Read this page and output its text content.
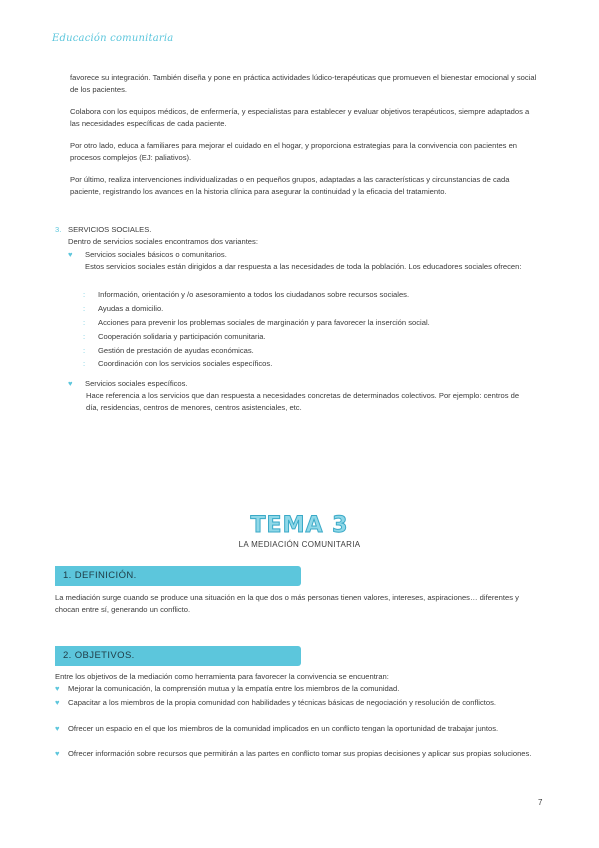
Educación comunitaria
favorece su integración. También diseña y pone en práctica actividades lúdico-terapéuticas que promueven el bienestar emocional y social de los pacientes.
Colabora con los equipos médicos, de enfermería, y especialistas para establecer y evaluar objetivos terapéuticos, siempre adaptados a las necesidades específicas de cada paciente.
Por otro lado, educa a familiares para mejorar el cuidado en el hogar, y proporciona estrategias para la convivencia con pacientes en procesos complejos (EJ: paliativos).
Por último, realiza intervenciones individualizadas o en pequeños grupos, adaptadas a las características y circunstancias de cada paciente, registrando los avances en la historia clínica para asegurar la continuidad y la eficacia del tratamiento.
3. SERVICIOS SOCIALES.
Dentro de servicios sociales encontramos dos variantes:
♥ Servicios sociales básicos o comunitarios.
Estos servicios sociales están dirigidos a dar respuesta a las necesidades de toda la población. Los educadores sociales ofrecen:
: Información, orientación y /o asesoramiento a todos los ciudadanos sobre recursos sociales.
: Ayudas a domicilio.
: Acciones para prevenir los problemas sociales de marginación y para favorecer la inserción social.
: Cooperación solidaria y participación comunitaria.
: Gestión de prestación de ayudas económicas.
: Coordinación con los servicios sociales específicos.
♥ Servicios sociales específicos.
Hace referencia a los servicios que dan respuesta a necesidades concretas de determinados colectivos. Por ejemplo: centros de día, residencias, centros de menores, centros asistenciales, etc.
TEMA 3
LA MEDIACIÓN COMUNITARIA
1. DEFINICIÓN.
La mediación surge cuando se produce una situación en la que dos o más personas tienen valores, intereses, aspiraciones… diferentes y chocan entre sí, generando un conflicto.
2. OBJETIVOS.
Entre los objetivos de la mediación como herramienta para favorecer la convivencia se encuentran:
♥ Mejorar la comunicación, la comprensión mutua y la empatía entre los miembros de la comunidad.
♥ Capacitar a los miembros de la propia comunidad con habilidades y técnicas básicas de negociación y resolución de conflictos.
♥ Ofrecer un espacio en el que los miembros de la comunidad implicados en un conflicto tengan la oportunidad de trabajar juntos.
♥ Ofrecer información sobre recursos que permitirán a las partes en conflicto tomar sus propias decisiones y aplicar sus propias soluciones.
7
